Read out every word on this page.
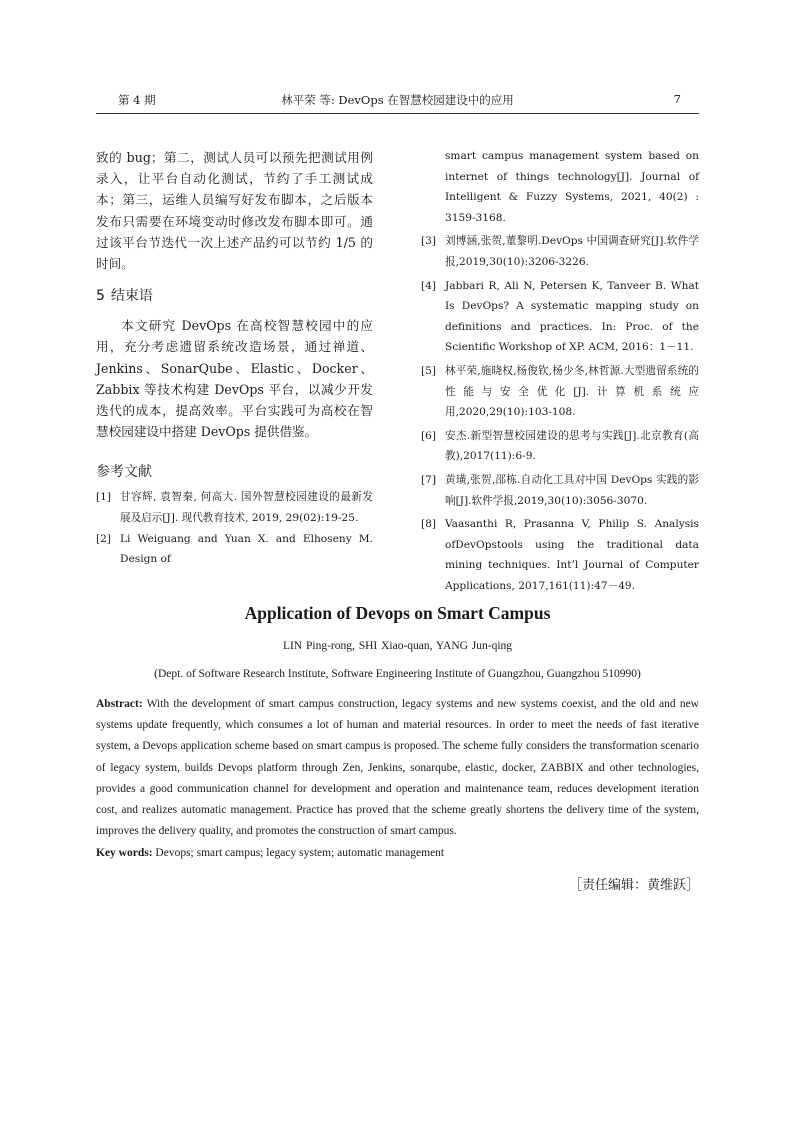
第 4 期	林平荣 等: DevOps 在智慧校园建设中的应用	7

致的 bug；第二，测试人员可以预先把测试用例录入，让平台自动化测试，节约了手工测试成本；第三，运维人员编写好发布脚本，之后版本发布只需要在环境变动时修改发布脚本即可。通过该平台节迭代一次上述产品约可以节约 1/5 的时间。

5 结束语

本文研究 DevOps 在高校智慧校园中的应用，充分考虑遗留系统改造场景，通过禅道、Jenkins、SonarQube、Elastic、Docker、Zabbix 等技术构建 DevOps 平台，以减少开发迭代的成本，提高效率。平台实践可为高校在智慧校园建设中搭建 DevOps 提供借鉴。

参考文献

[1] 甘容辉, 袁智秦, 何高大. 国外智慧校园建设的最新发展及启示[J]. 现代教育技术, 2019, 29(02):19-25.

[2] Li Weiguang and Yuan X. and Elhoseny M. Design of

smart campus management system based on internet of things technology[J]. Journal of Intelligent & Fuzzy Systems, 2021, 40(2) : 3159-3168.

[3] 刘博涵,张贺,董黎明.DevOps 中国调查研究[J].软件学报,2019,30(10):3206-3226.

[4] Jabbari R, Ali N, Petersen K, Tanveer B. What Is DevOps? A systematic mapping study on definitions and practices. In: Proc. of the Scientific Workshop of XP. ACM, 2016：1－11.

[5] 林平荣,施晓权,杨俊钦,杨少冬,林哲源.大型遗留系统的性能与安全优化[J].计算机系统应用,2020,29(10):103-108.

[6] 安杰.新型智慧校园建设的思考与实践[J].北京教育(高教),2017(11):6-9.

[7] 黄璜,张贺,邵栋.自动化工具对中国 DevOps 实践的影响[J].软件学报,2019,30(10):3056-3070.

[8] Vaasanthi R, Prasanna V, Philip S. Analysis ofDevOpstools using the traditional data mining techniques. Int’l Journal of Computer Applications, 2017,161(11):47－49.

Application of Devops on Smart Campus

LIN Ping-rong, SHI Xiao-quan, YANG Jun-qing

(Dept. of Software Research Institute, Software Engineering Institute of Guangzhou, Guangzhou 510990)

Abstract: With the development of smart campus construction, legacy systems and new systems coexist, and the old and new systems update frequently, which consumes a lot of human and material resources. In order to meet the needs of fast iterative system, a Devops application scheme based on smart campus is proposed. The scheme fully considers the transformation scenario of legacy system, builds Devops platform through Zen, Jenkins, sonarqube, elastic, docker, ZABBIX and other technologies, provides a good communication channel for development and operation and maintenance team, reduces development iteration cost, and realizes automatic management. Practice has proved that the scheme greatly shortens the delivery time of the system, improves the delivery quality, and promotes the construction of smart campus.

Key words: Devops; smart campus; legacy system; automatic management

［责任编辑：黄维跃］
